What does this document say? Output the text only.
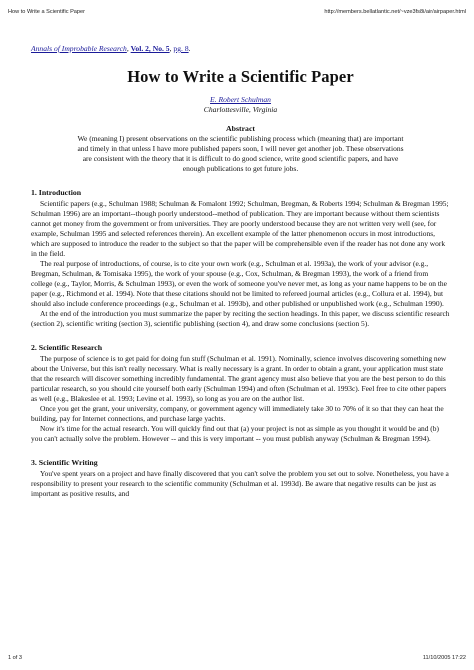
How to Write a Scientific Paper	http://members.bellatlantic.net/~vze3fs8i/air/airpaper.html
Annals of Improbable Research, Vol. 2, No. 5, pg. 8.
How to Write a Scientific Paper
E. Robert Schulman
Charlottesville, Virginia
Abstract
We (meaning I) present observations on the scientific publishing process which (meaning that) are important and timely in that unless I have more published papers soon, I will never get another job. These observations are consistent with the theory that it is difficult to do good science, write good scientific papers, and have enough publications to get future jobs.
1. Introduction

Scientific papers (e.g., Schulman 1988; Schulman & Fomalont 1992; Schulman, Bregman, & Roberts 1994; Schulman & Bregman 1995; Schulman 1996) are an important--though poorly understood--method of publication. They are important because without them scientists cannot get money from the government or from universities. They are poorly understood because they are not written very well (see, for example, Schulman 1995 and selected references therein). An excellent example of the latter phenomenon occurs in most introductions, which are supposed to introduce the reader to the subject so that the paper will be comprehensible even if the reader has not done any work in the field.

The real purpose of introductions, of course, is to cite your own work (e.g., Schulman et al. 1993a), the work of your advisor (e.g., Bregman, Schulman, & Tomisaka 1995), the work of your spouse (e.g., Cox, Schulman, & Bregman 1993), the work of a friend from college (e.g., Taylor, Morris, & Schulman 1993), or even the work of someone you've never met, as long as your name happens to be on the paper (e.g., Richmond et al. 1994). Note that these citations should not be limited to refereed journal articles (e.g., Collura et al. 1994), but should also include conference proceedings (e.g., Schulman et al. 1993b), and other published or unpublished work (e.g., Schulman 1990).

At the end of the introduction you must summarize the paper by reciting the section headings. In this paper, we discuss scientific research (section 2), scientific writing (section 3), scientific publishing (section 4), and draw some conclusions (section 5).

2. Scientific Research

The purpose of science is to get paid for doing fun stuff (Schulman et al. 1991). Nominally, science involves discovering something new about the Universe, but this isn't really necessary. What is really necessary is a grant. In order to obtain a grant, your application must state that the research will discover something incredibly fundamental. The grant agency must also believe that you are the best person to do this particular research, so you should cite yourself both early (Schulman 1994) and often (Schulman et al. 1993c). Feel free to cite other papers as well (e.g., Blakeslee et al. 1993; Levine et al. 1993), so long as you are on the author list.

Once you get the grant, your university, company, or government agency will immediately take 30 to 70% of it so that they can heat the building, pay for Internet connections, and purchase large yachts.

Now it's time for the actual research. You will quickly find out that (a) your project is not as simple as you thought it would be and (b) you can't actually solve the problem. However -- and this is very important -- you must publish anyway (Schulman & Bregman 1994).

3. Scientific Writing

You've spent years on a project and have finally discovered that you can't solve the problem you set out to solve. Nonetheless, you have a responsibility to present your research to the scientific community (Schulman et al. 1993d). Be aware that negative results can be just as important as positive results, and

1 of 3	11/10/2005 17:22
